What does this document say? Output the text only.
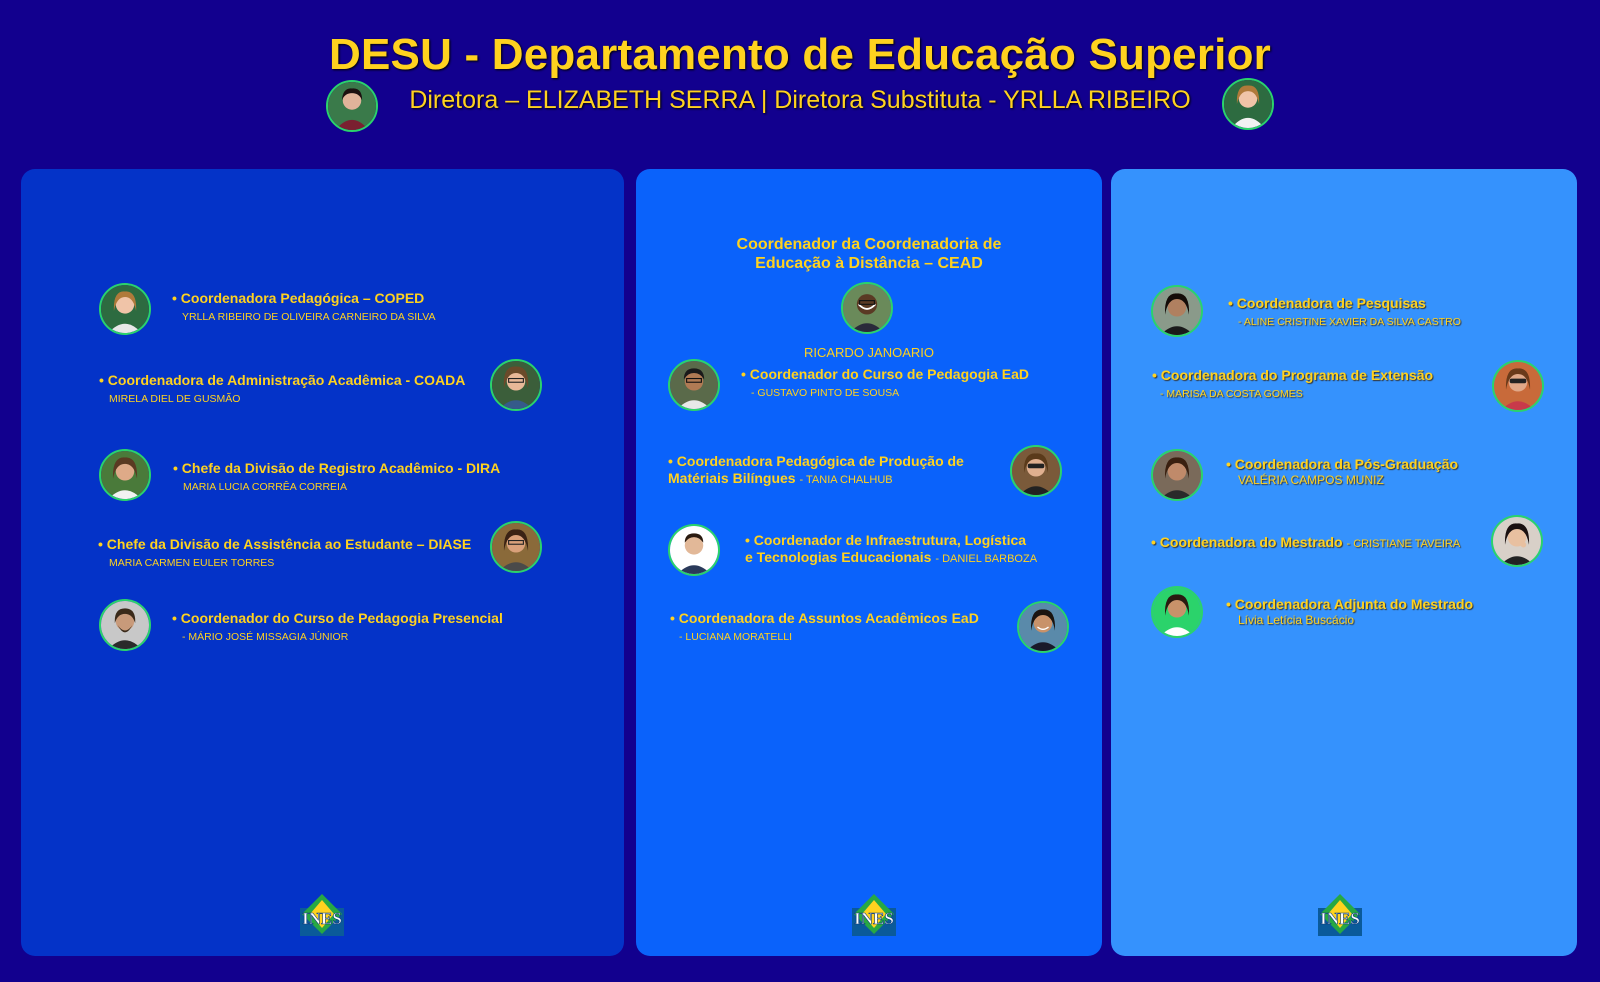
DESU - Departamento de Educação Superior
Diretora – ELIZABETH SERRA | Diretora Substituta - YRLLA RIBEIRO
• Coordenadora Pedagógica – COPED
YRLLA RIBEIRO DE OLIVEIRA CARNEIRO DA SILVA
• Coordenadora de Administração Acadêmica - COADA
MIRELA DIEL DE GUSMÃO
• Chefe da Divisão de Registro Acadêmico - DIRA
MARIA LUCIA CORRÊA CORREIA
• Chefe da Divisão de Assistência ao Estudante – DIASE
MARIA CARMEN EULER TORRES
• Coordenador do Curso de Pedagogia Presencial
- MÁRIO JOSÉ MISSAGIA JÚNIOR
INES
Coordenador da Coordenadoria de
Educação à Distância – CEAD
RICARDO JANOARIO
• Coordenador do Curso de Pedagogia EaD
- GUSTAVO PINTO DE SOUSA
• Coordenadora Pedagógica de Produção de
Matériais Bilíngues - TANIA CHALHUB
• Coordenador de Infraestrutura, Logística
e Tecnologias Educacionais - DANIEL BARBOZA
• Coordenadora de Assuntos Acadêmicos EaD
- LUCIANA MORATELLI
INES
• Coordenadora de Pesquisas
- ALINE CRISTINE XAVIER DA SILVA CASTRO
• Coordenadora do Programa de Extensão
- MARISA DA COSTA GOMES
• Coordenadora da Pós-Graduação
VALÉRIA CAMPOS MUNIZ
• Coordenadora do Mestrado - CRISTIANE TAVEIRA
• Coordenadora Adjunta do Mestrado
Lívia Letícia Buscácio
INES
